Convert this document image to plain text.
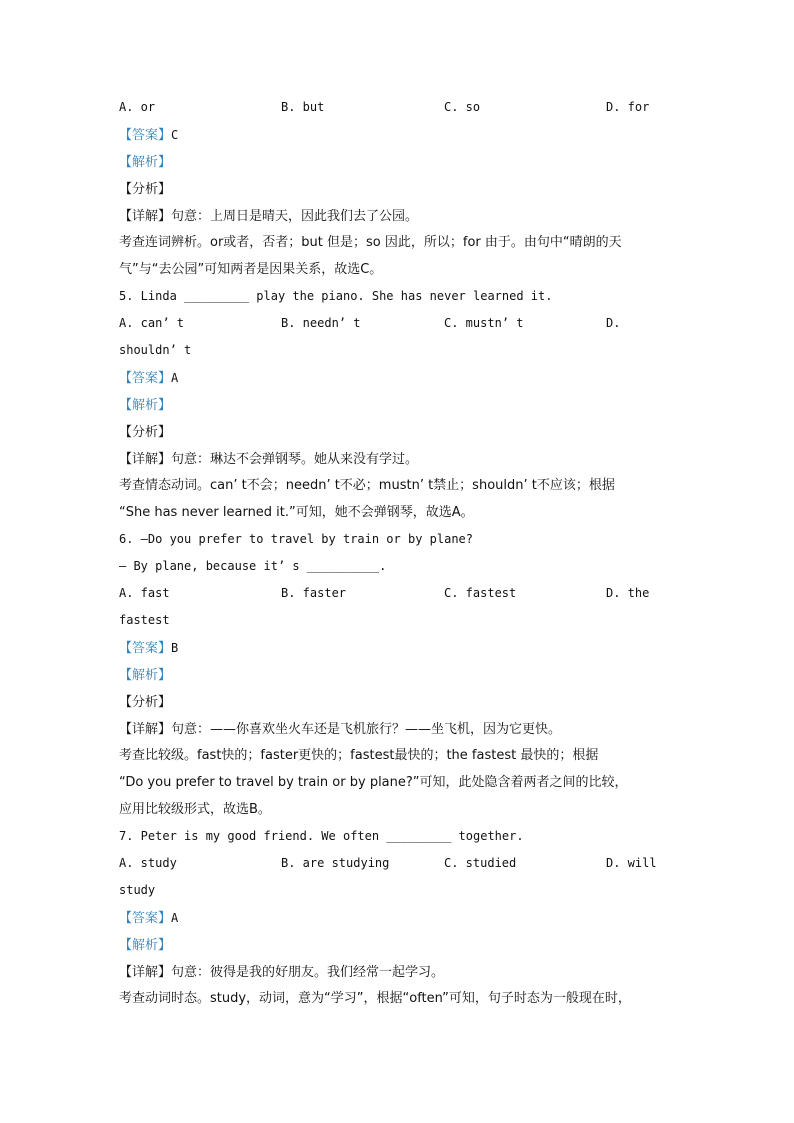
A. or	B. but	C. so	D. for
【答案】C
【解析】
【分析】
【详解】句意：上周日是晴天，因此我们去了公园。
考查连词辨析。or或者，否者；but 但是；so 因此，所以；for 由于。由句中“晴朗的天
气”与“去公园”可知两者是因果关系，故选C。
5. Linda _________ play the piano. She has never learned it.
A. can’ t	B. needn’ t	C. mustn’ t	D.
shouldn’ t
【答案】A
【解析】
【分析】
【详解】句意：琳达不会弹钢琴。她从来没有学过。
考查情态动词。can’ t不会；needn’ t不必；mustn’ t禁止；shouldn’ t不应该；根据
“She has never learned it.”可知，她不会弹钢琴，故选A。
6. —Do you prefer to travel by train or by plane?
— By plane, because it’ s __________.
A. fast	B. faster	C. fastest	D. the
fastest
【答案】B
【解析】
【分析】
【详解】句意：——你喜欢坐火车还是飞机旅行？——坐飞机，因为它更快。
考查比较级。fast快的；faster更快的；fastest最快的；the fastest 最快的；根据
“Do you prefer to travel by train or by plane?”可知，此处隐含着两者之间的比较，
应用比较级形式，故选B。
7. Peter is my good friend. We often _________ together.
A. study	B. are studying	C. studied	D. will
study
【答案】A
【解析】
【详解】句意：彼得是我的好朋友。我们经常一起学习。
考查动词时态。study，动词，意为“学习”，根据“often”可知，句子时态为一般现在时，
